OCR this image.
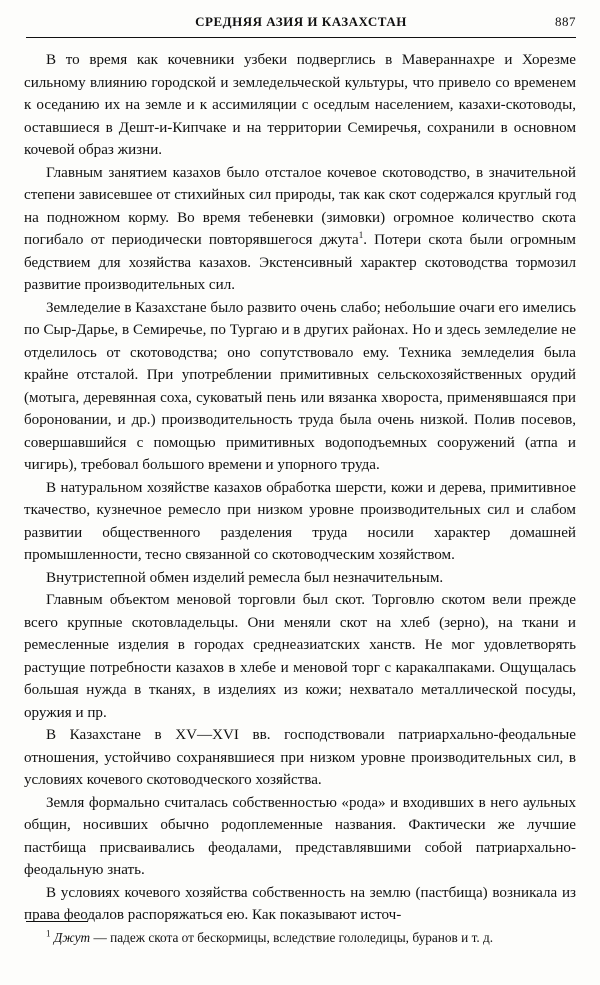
СРЕДНЯЯ АЗИЯ И КАЗАХСТАН	887

В то время как кочевники узбеки подверглись в Мавераннахре и Хорезме сильному влиянию городской и земледельческой культуры, что привело со временем к оседанию их на земле и к ассимиляции с оседлым населением, казахи-скотоводы, оставшиеся в Дешт-и-Кипчаке и на территории Семиречья, сохранили в основном кочевой образ жизни.

Главным занятием казахов было отсталое кочевое скотоводство, в значительной степени зависевшее от стихийных сил природы, так как скот содержался круглый год на подножном корму. Во время тебеневки (зимовки) огромное количество скота погибало от периодически повторявшегося джута$^1$. Потери скота были огромным бедствием для хозяйства казахов. Экстенсивный характер скотоводства тормозил развитие производительных сил.

Земледелие в Казахстане было развито очень слабо; небольшие очаги его имелись по Сыр-Дарье, в Семиречье, по Тургаю и в других районах. Но и здесь земледелие не отделилось от скотоводства; оно сопутствовало ему. Техника земледелия была крайне отсталой. При употреблении примитивных сельскохозяйственных орудий (мотыга, деревянная соха, суковатый пень или вязанка хвороста, применявшаяся при бороновании, и др.) производительность труда была очень низкой. Полив посевов, совершавшийся с помощью примитивных водоподъемных сооружений (атпа и чигирь), требовал большого времени и упорного труда.

В натуральном хозяйстве казахов обработка шерсти, кожи и дерева, примитивное ткачество, кузнечное ремесло при низком уровне производительных сил и слабом развитии общественного разделения труда носили характер домашней промышленности, тесно связанной со скотоводческим хозяйством.

Внутристепной обмен изделий ремесла был незначительным.

Главным объектом меновой торговли был скот. Торговлю скотом вели прежде всего крупные скотовладельцы. Они меняли скот на хлеб (зерно), на ткани и ремесленные изделия в городах среднеазиатских ханств. Не мог удовлетворять растущие потребности казахов в хлебе и меновой торг с каракалпаками. Ощущалась большая нужда в тканях, в изделиях из кожи; нехватало металлической посуды, оружия и пр.

В Казахстане в XV—XVI вв. господствовали патриархально-феодальные отношения, устойчиво сохранявшиеся при низком уровне производительных сил, в условиях кочевого скотоводческого хозяйства.

Земля формально считалась собственностью «рода» и входивших в него аульных общин, носивших обычно родоплеменные названия. Фактически же лучшие пастбища присваивались феодалами, представлявшими собой патриархально-феодальную знать.

В условиях кочевого хозяйства собственность на землю (пастбища) возникала из права феодалов распоряжаться ею. Как показывают источ-

$^1$ Джут — падеж скота от бескормицы, вследствие гололедицы, буранов и т. д.
